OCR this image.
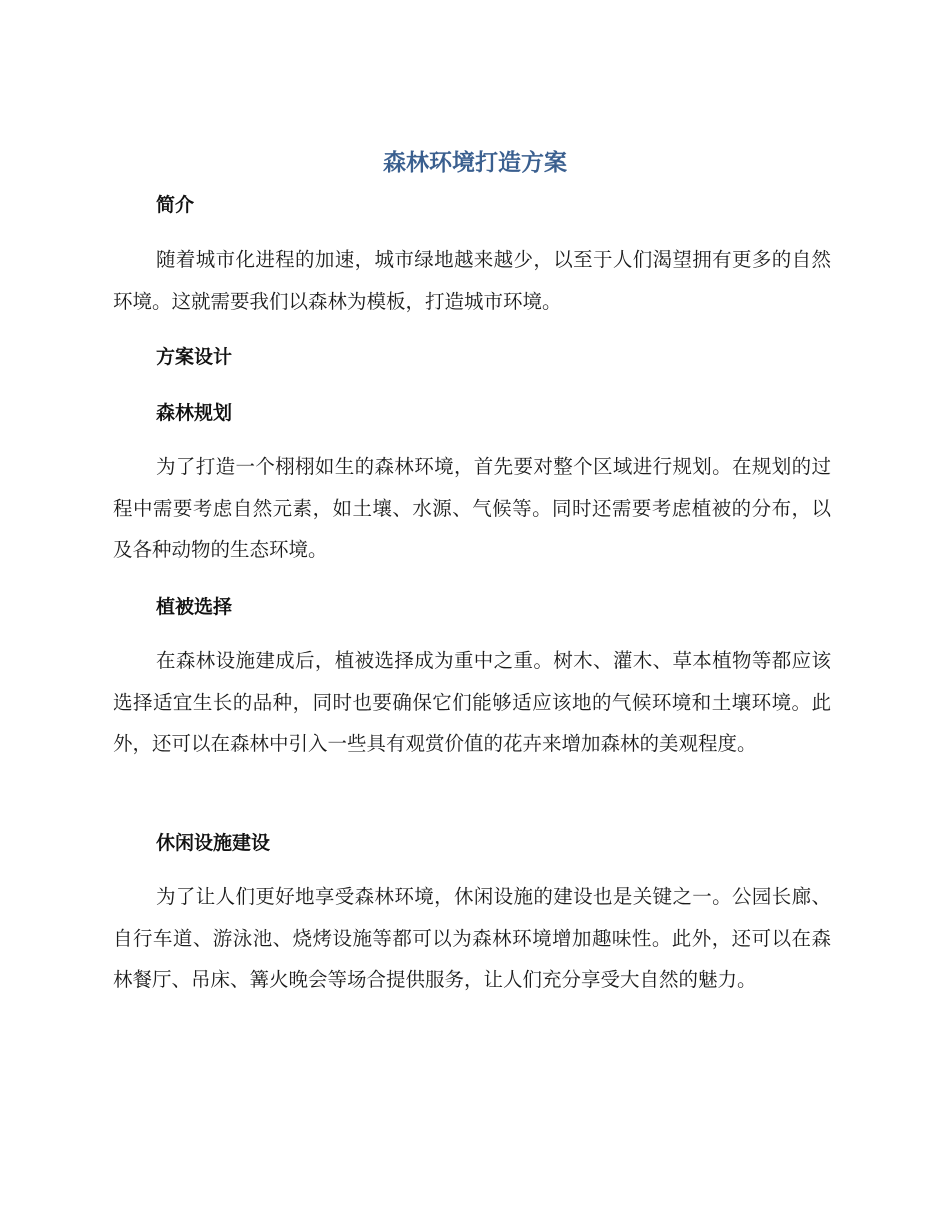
森林环境打造方案
简介

随着城市化进程的加速，城市绿地越来越少，以至于人们渴望拥有更多的自然环境。这就需要我们以森林为模板，打造城市环境。

方案设计
森林规划

为了打造一个栩栩如生的森林环境，首先要对整个区域进行规划。在规划的过程中需要考虑自然元素，如土壤、水源、气候等。同时还需要考虑植被的分布，以及各种动物的生态环境。

植被选择

在森林设施建成后，植被选择成为重中之重。树木、灌木、草本植物等都应该选择适宜生长的品种，同时也要确保它们能够适应该地的气候环境和土壤环境。此外，还可以在森林中引入一些具有观赏价值的花卉来增加森林的美观程度。

休闲设施建设

为了让人们更好地享受森林环境，休闲设施的建设也是关键之一。公园长廊、自行车道、游泳池、烧烤设施等都可以为森林环境增加趣味性。此外，还可以在森林餐厅、吊床、篝火晚会等场合提供服务，让人们充分享受大自然的魅力。
